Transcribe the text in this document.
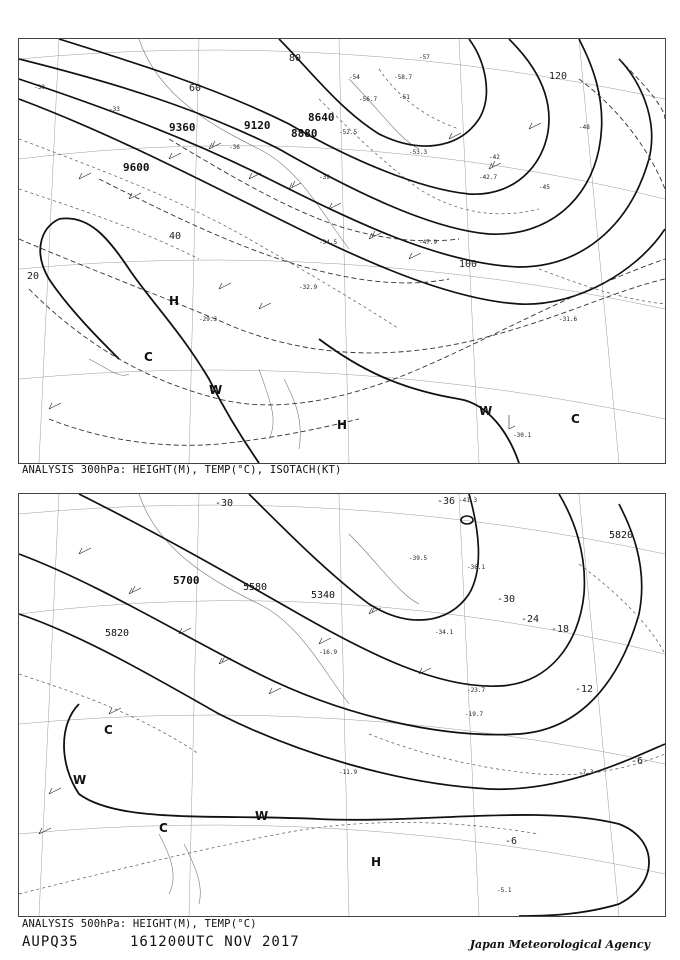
9600
9360	9120
8880
8640
20
40
60
80
100
120
-30
-33
-36
-39
-42
-45
-48
-51
-54
-57
-58.7
-56.7
-52.5
-53.3
-47.9
-42.7
-34.5
-32.9
-31.6
-29.3
-30.1
H
H
C
C
W
W
ANALYSIS 300hPa: HEIGHT(M), TEMP(°C), ISOTACH(KT)
5700
5580
5340
5820
5820
-30	-36
-30
-24
-18
-12
-6
-6
-41.3
-36.1
-39.5
-34.1
-23.7
-19.7
-16.9
-11.9	-7.3
-5.1
H
C
C
W
W
ANALYSIS 500hPa: HEIGHT(M), TEMP(°C)
AUPQ35	161200UTC NOV 2017	Japan Meteorological Agency
